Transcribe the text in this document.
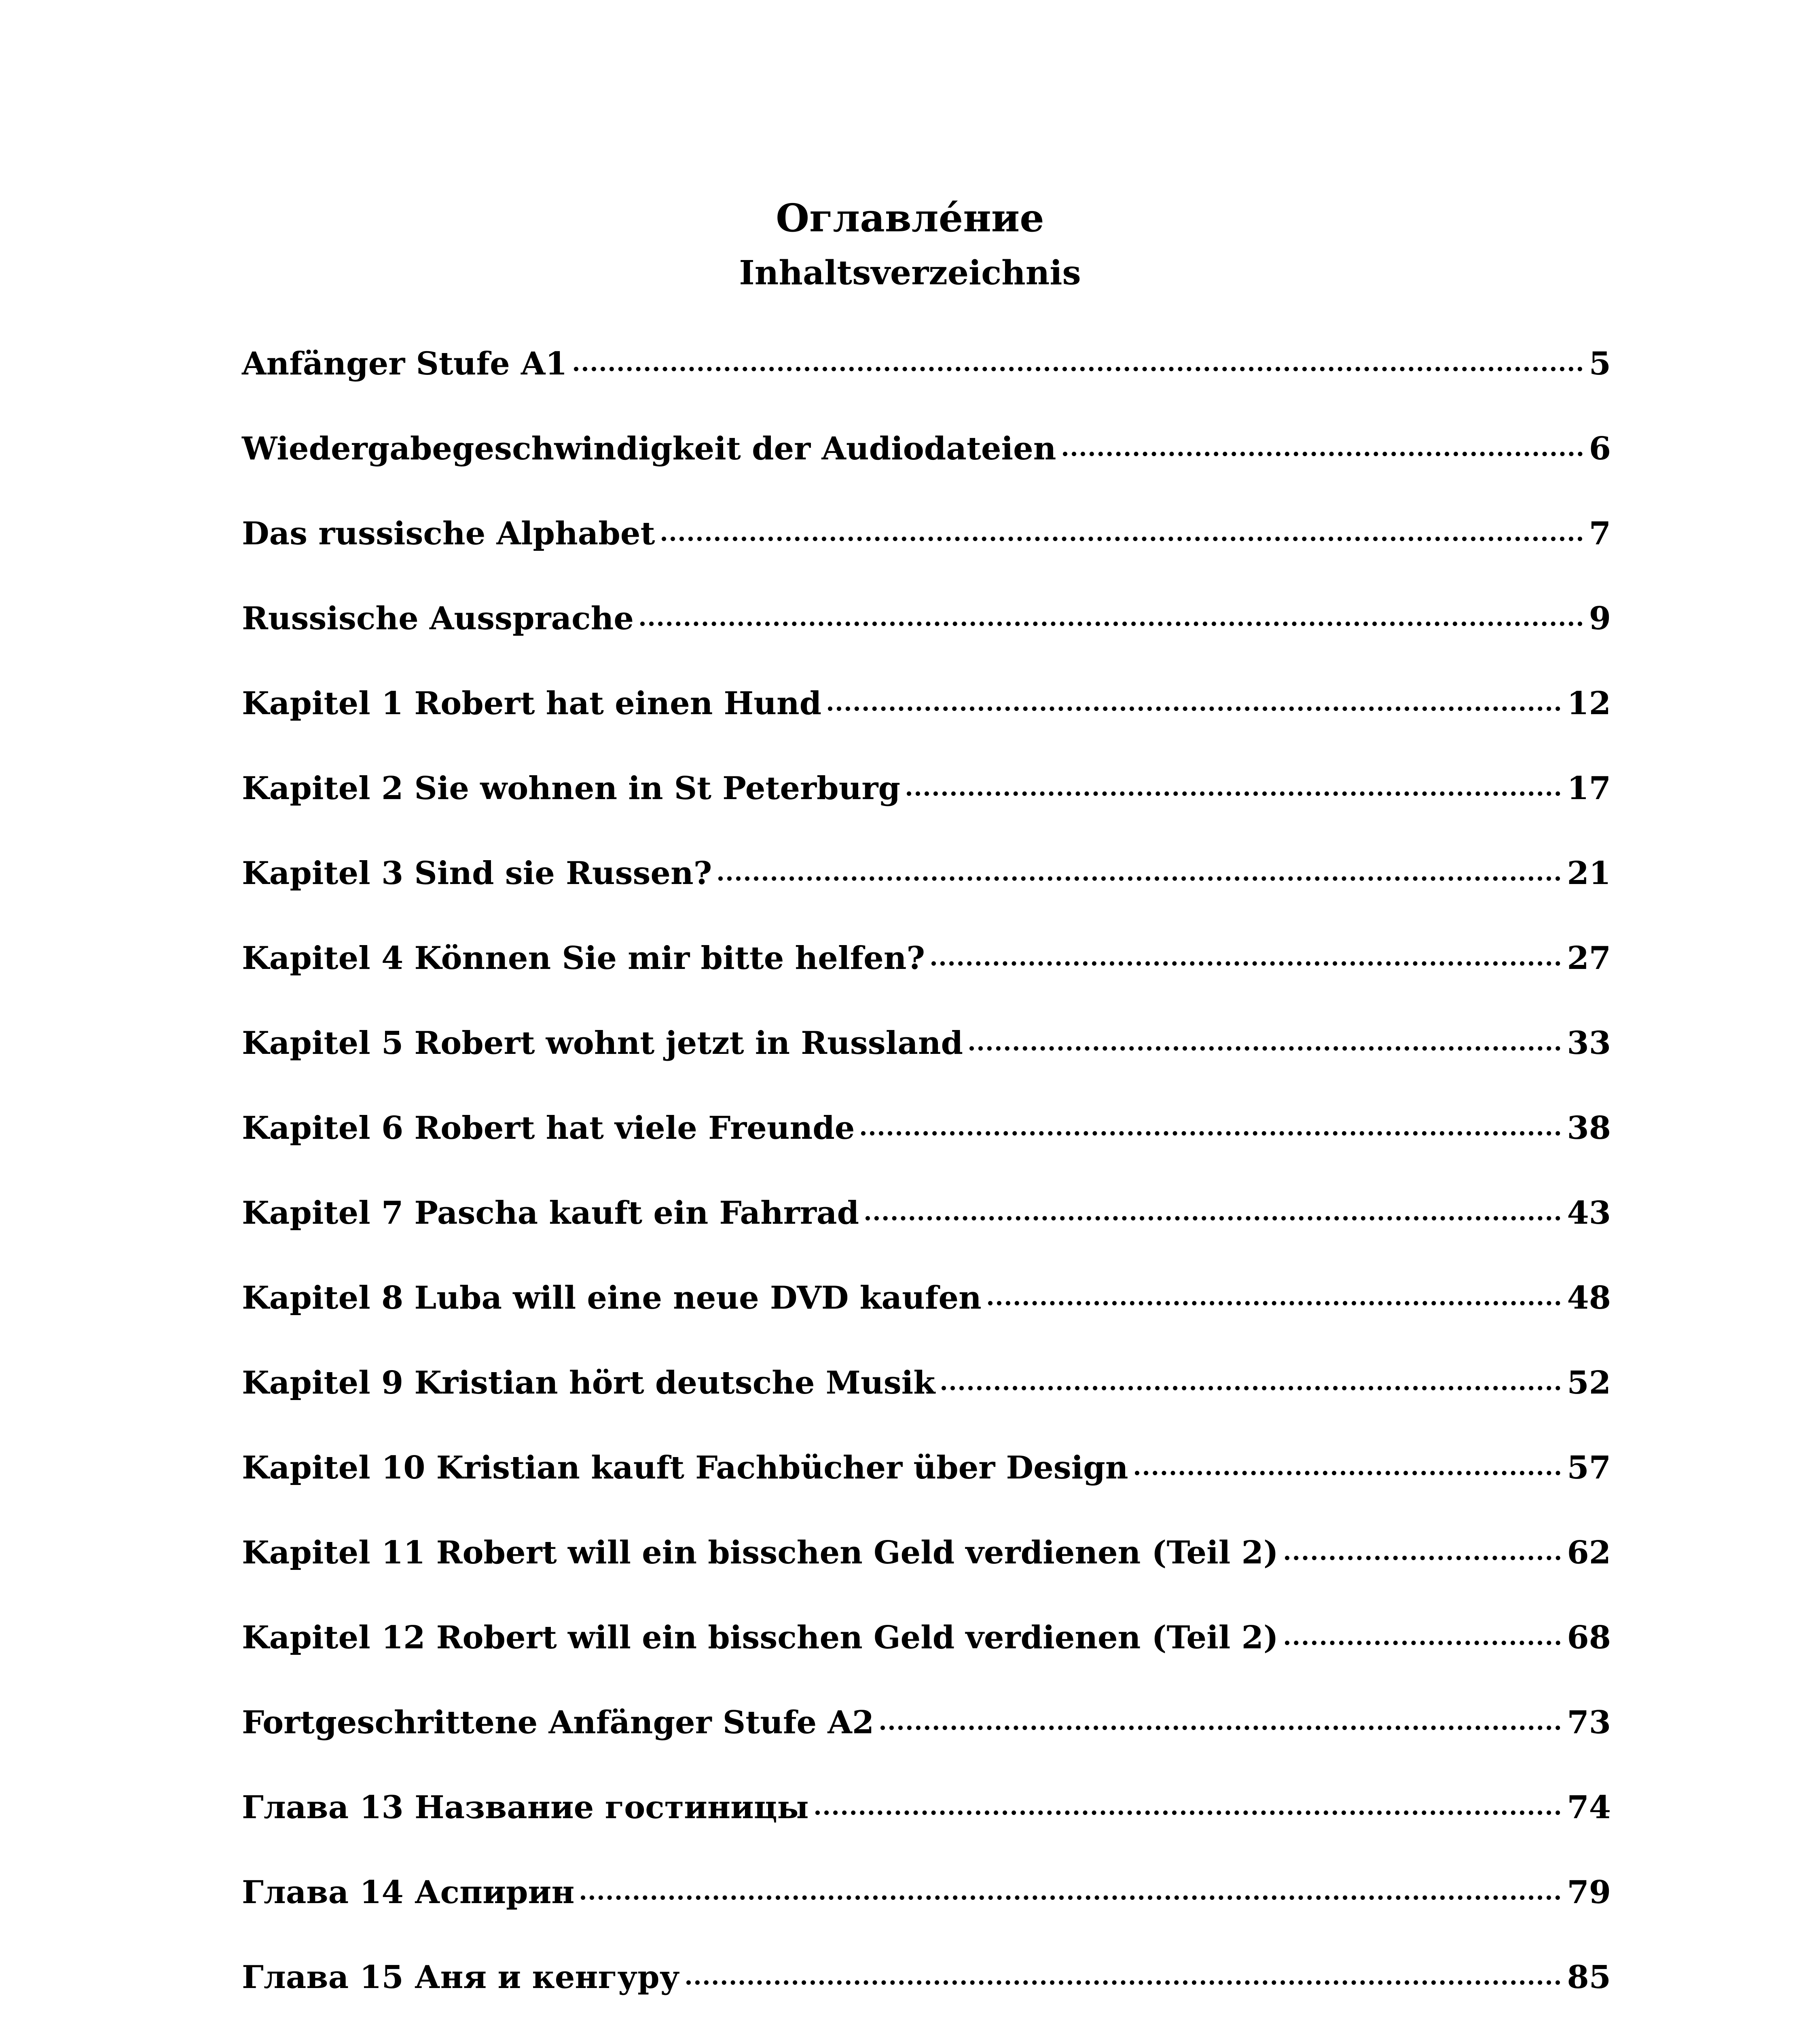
Оглавле́ние
Inhaltsverzeichnis
Anfänger Stufe A1	5
Wiedergabegeschwindigkeit der Audiodateien	6
Das russische Alphabet	7
Russische Aussprache	9
Kapitel 1 Robert hat einen Hund	12
Kapitel 2 Sie wohnen in St Peterburg	17
Kapitel 3 Sind sie Russen?	21
Kapitel 4 Können Sie mir bitte helfen?	27
Kapitel 5 Robert wohnt jetzt in Russland	33
Kapitel 6 Robert hat viele Freunde	38
Kapitel 7 Pascha kauft ein Fahrrad	43
Kapitel 8 Luba will eine neue DVD kaufen	48
Kapitel 9 Kristian hört deutsche Musik	52
Kapitel 10 Kristian kauft Fachbücher über Design	57
Kapitel 11 Robert will ein bisschen Geld verdienen (Teil 2)	62
Kapitel 12 Robert will ein bisschen Geld verdienen (Teil 2)	68
Fortgeschrittene Anfänger Stufe A2	73
Глава 13 Название гостиницы	74
Глава 14 Аспирин	79
Глава 15 Аня и кенгуру	85
